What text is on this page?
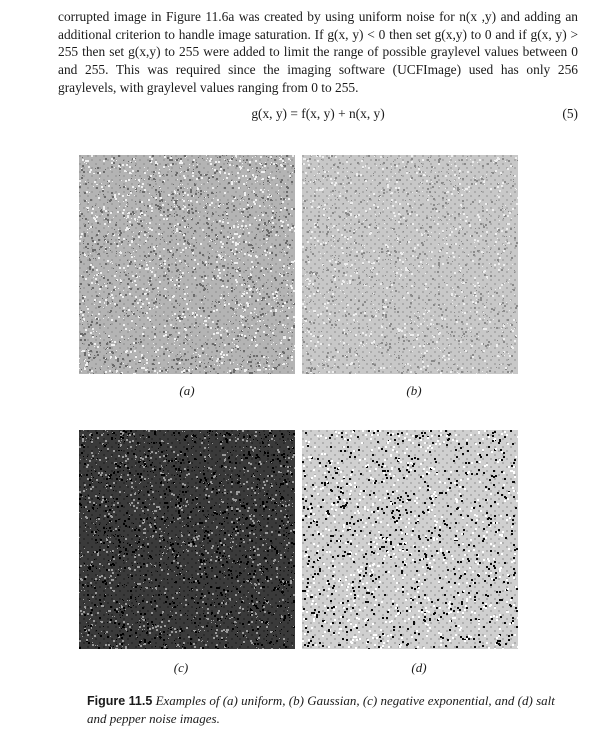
corrupted image in Figure 11.6a was created by using uniform noise for n(x ,y) and adding an additional criterion to handle image saturation. If g(x, y) < 0 then set g(x,y) to 0 and if g(x, y) > 255 then set g(x,y) to 255 were added to limit the range of possible graylevel values between 0 and 255. This was required since the imaging software (UCFImage) used has only 256 graylevels, with graylevel values ranging from 0 to 255.

g(x, y) = f(x, y) + n(x, y)	(5)
(a)	(b)
(c)	(d)

Figure 11.5 Examples of (a) uniform, (b) Gaussian, (c) negative exponential, and (d) salt and pepper noise images.
